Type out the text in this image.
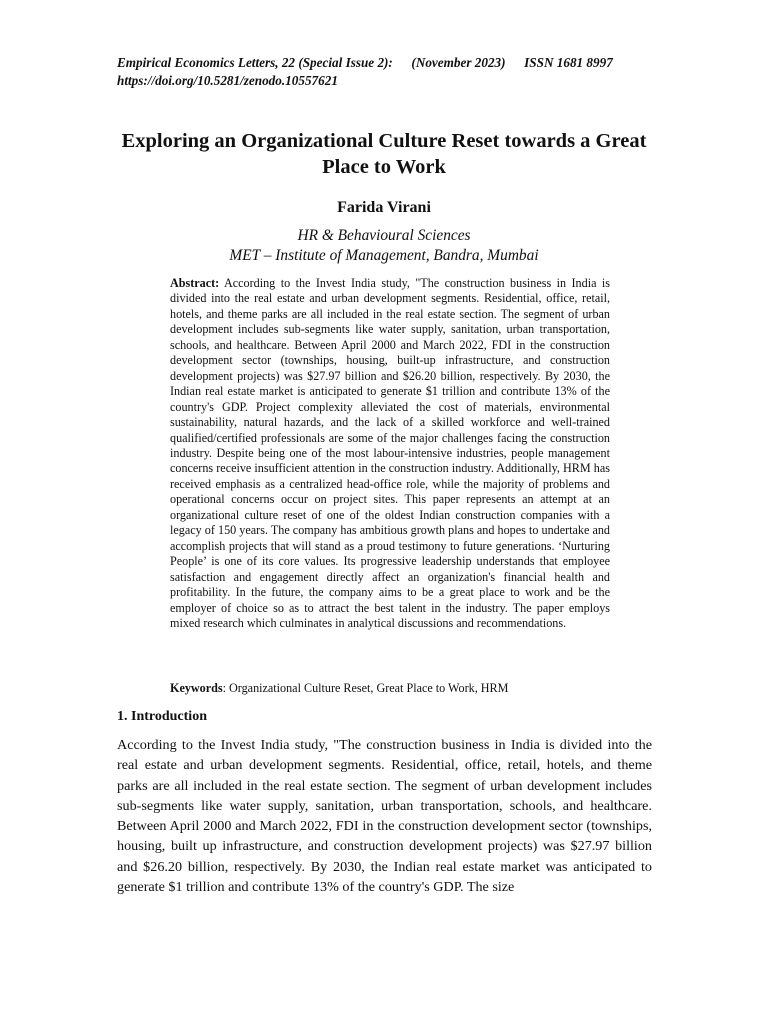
Empirical Economics Letters, 22 (Special Issue 2): (November 2023) ISSN 1681 8997
https://doi.org/10.5281/zenodo.10557621
Exploring an Organizational Culture Reset towards a Great Place to Work
Farida Virani
HR & Behavioural Sciences
MET – Institute of Management, Bandra, Mumbai

Abstract: According to the Invest India study, "The construction business in India is divided into the real estate and urban development segments. Residential, office, retail, hotels, and theme parks are all included in the real estate section. The segment of urban development includes sub-segments like water supply, sanitation, urban transportation, schools, and healthcare. Between April 2000 and March 2022, FDI in the construction development sector (townships, housing, built-up infrastructure, and construction development projects) was $27.97 billion and $26.20 billion, respectively. By 2030, the Indian real estate market is anticipated to generate $1 trillion and contribute 13% of the country's GDP. Project complexity alleviated the cost of materials, environmental sustainability, natural hazards, and the lack of a skilled workforce and well-trained qualified/certified professionals are some of the major challenges facing the construction industry. Despite being one of the most labour-intensive industries, people management concerns receive insufficient attention in the construction industry. Additionally, HRM has received emphasis as a centralized head-office role, while the majority of problems and operational concerns occur on project sites. This paper represents an attempt at an organizational culture reset of one of the oldest Indian construction companies with a legacy of 150 years. The company has ambitious growth plans and hopes to undertake and accomplish projects that will stand as a proud testimony to future generations. ‘Nurturing People’ is one of its core values. Its progressive leadership understands that employee satisfaction and engagement directly affect an organization's financial health and profitability. In the future, the company aims to be a great place to work and be the employer of choice so as to attract the best talent in the industry. The paper employs mixed research which culminates in analytical discussions and recommendations.

Keywords: Organizational Culture Reset, Great Place to Work, HRM

1. Introduction

According to the Invest India study, "The construction business in India is divided into the real estate and urban development segments. Residential, office, retail, hotels, and theme parks are all included in the real estate section. The segment of urban development includes sub-segments like water supply, sanitation, urban transportation, schools, and healthcare. Between April 2000 and March 2022, FDI in the construction development sector (townships, housing, built up infrastructure, and construction development projects) was $27.97 billion and $26.20 billion, respectively. By 2030, the Indian real estate market was anticipated to generate $1 trillion and contribute 13% of the country's GDP. The size
